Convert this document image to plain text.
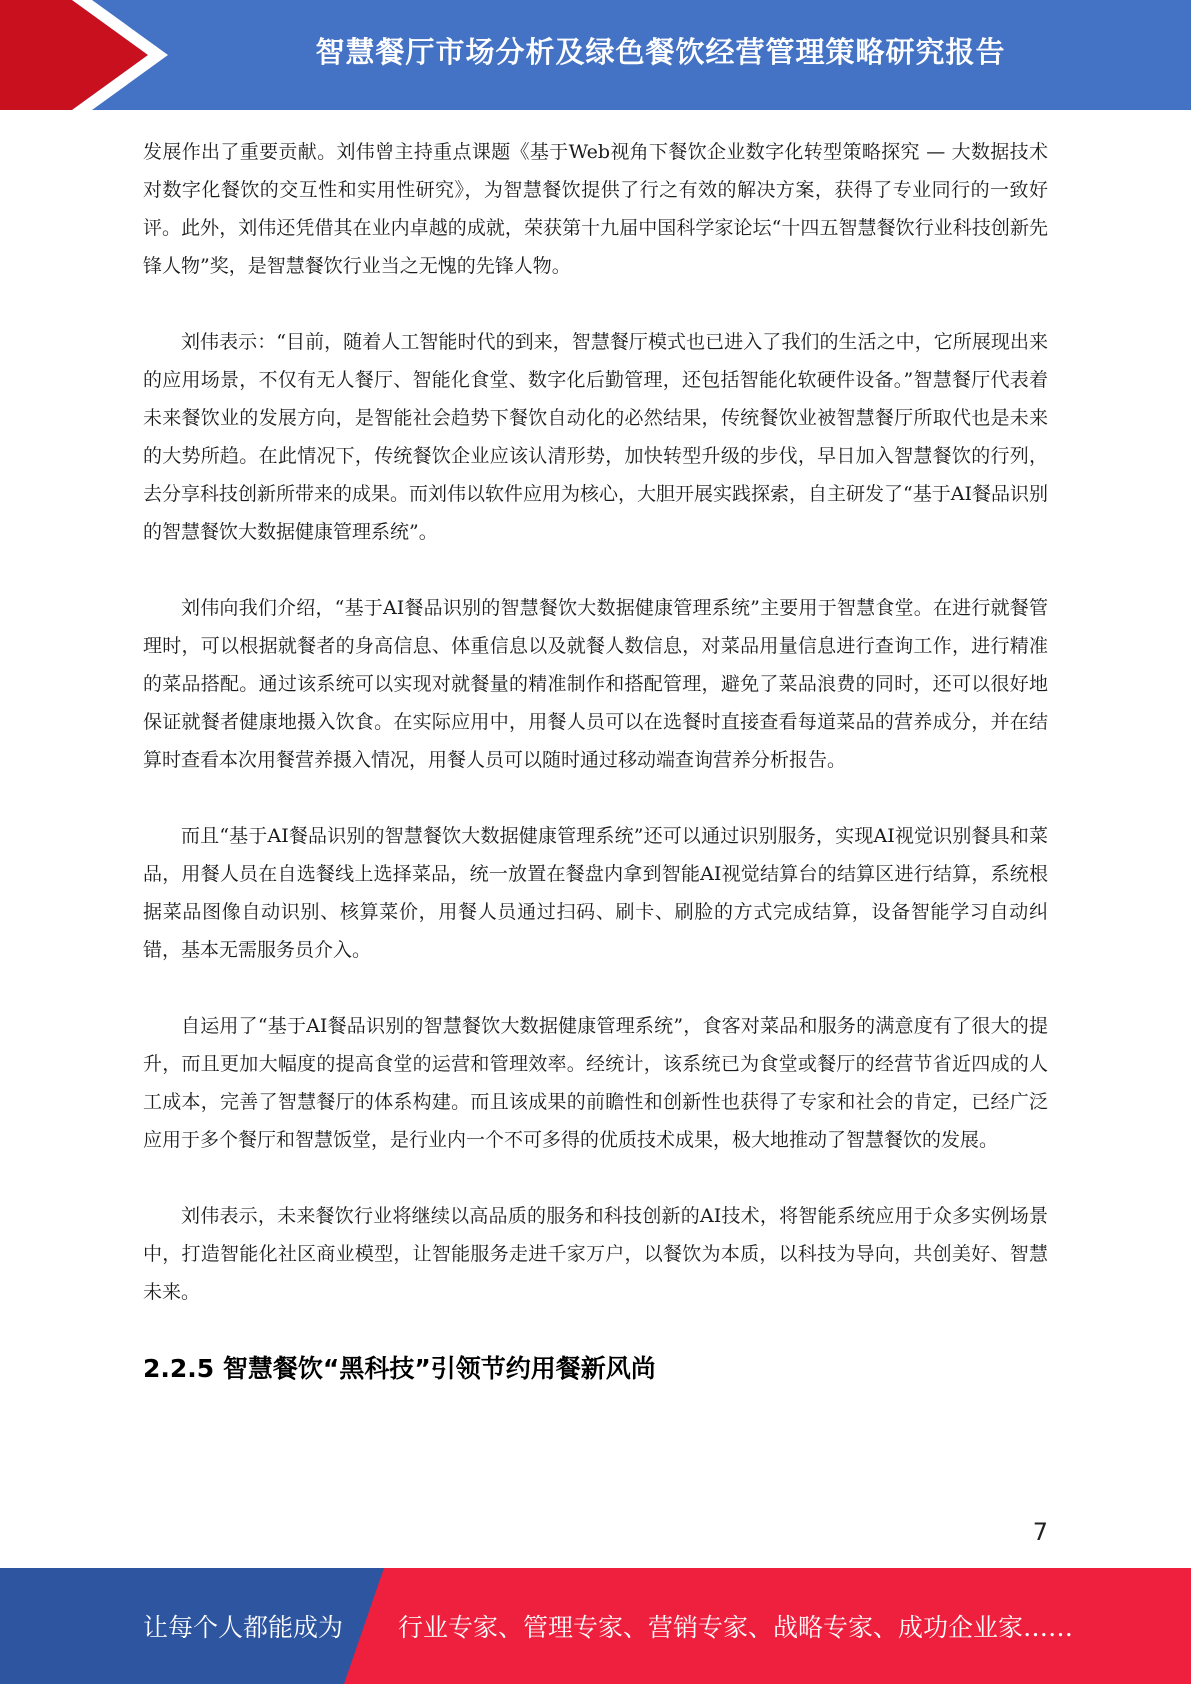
智慧餐厅市场分析及绿色餐饮经营管理策略研究报告

发展作出了重要贡献。刘伟曾主持重点课题《基于Web视角下餐饮企业数字化转型策略探究 — 大数据技术对数字化餐饮的交互性和实用性研究》，为智慧餐饮提供了行之有效的解决方案，获得了专业同行的一致好评。此外，刘伟还凭借其在业内卓越的成就，荣获第十九届中国科学家论坛“十四五智慧餐饮行业科技创新先锋人物”奖，是智慧餐饮行业当之无愧的先锋人物。

刘伟表示：“目前，随着人工智能时代的到来，智慧餐厅模式也已进入了我们的生活之中，它所展现出来的应用场景，不仅有无人餐厅、智能化食堂、数字化后勤管理，还包括智能化软硬件设备。”智慧餐厅代表着未来餐饮业的发展方向，是智能社会趋势下餐饮自动化的必然结果，传统餐饮业被智慧餐厅所取代也是未来的大势所趋。在此情况下，传统餐饮企业应该认清形势，加快转型升级的步伐，早日加入智慧餐饮的行列，去分享科技创新所带来的成果。而刘伟以软件应用为核心，大胆开展实践探索，自主研发了“基于AI餐品识别的智慧餐饮大数据健康管理系统”。

刘伟向我们介绍，“基于AI餐品识别的智慧餐饮大数据健康管理系统”主要用于智慧食堂。在进行就餐管理时，可以根据就餐者的身高信息、体重信息以及就餐人数信息，对菜品用量信息进行查询工作，进行精准的菜品搭配。通过该系统可以实现对就餐量的精准制作和搭配管理，避免了菜品浪费的同时，还可以很好地保证就餐者健康地摄入饮食。在实际应用中，用餐人员可以在选餐时直接查看每道菜品的营养成分，并在结算时查看本次用餐营养摄入情况，用餐人员可以随时通过移动端查询营养分析报告。

而且“基于AI餐品识别的智慧餐饮大数据健康管理系统”还可以通过识别服务，实现AI视觉识别餐具和菜品，用餐人员在自选餐线上选择菜品，统一放置在餐盘内拿到智能AI视觉结算台的结算区进行结算，系统根据菜品图像自动识别、核算菜价，用餐人员通过扫码、刷卡、刷脸的方式完成结算，设备智能学习自动纠错，基本无需服务员介入。

自运用了“基于AI餐品识别的智慧餐饮大数据健康管理系统”，食客对菜品和服务的满意度有了很大的提升，而且更加大幅度的提高食堂的运营和管理效率。经统计，该系统已为食堂或餐厅的经营节省近四成的人工成本，完善了智慧餐厅的体系构建。而且该成果的前瞻性和创新性也获得了专家和社会的肯定，已经广泛应用于多个餐厅和智慧饭堂，是行业内一个不可多得的优质技术成果，极大地推动了智慧餐饮的发展。

刘伟表示，未来餐饮行业将继续以高品质的服务和科技创新的AI技术，将智能系统应用于众多实例场景中，打造智能化社区商业模型，让智能服务走进千家万户，以餐饮为本质，以科技为导向，共创美好、智慧未来。

2.2.5 智慧餐饮“黑科技”引领节约用餐新风尚
7
让每个人都能成为 行业专家、管理专家、营销专家、战略专家、成功企业家……
